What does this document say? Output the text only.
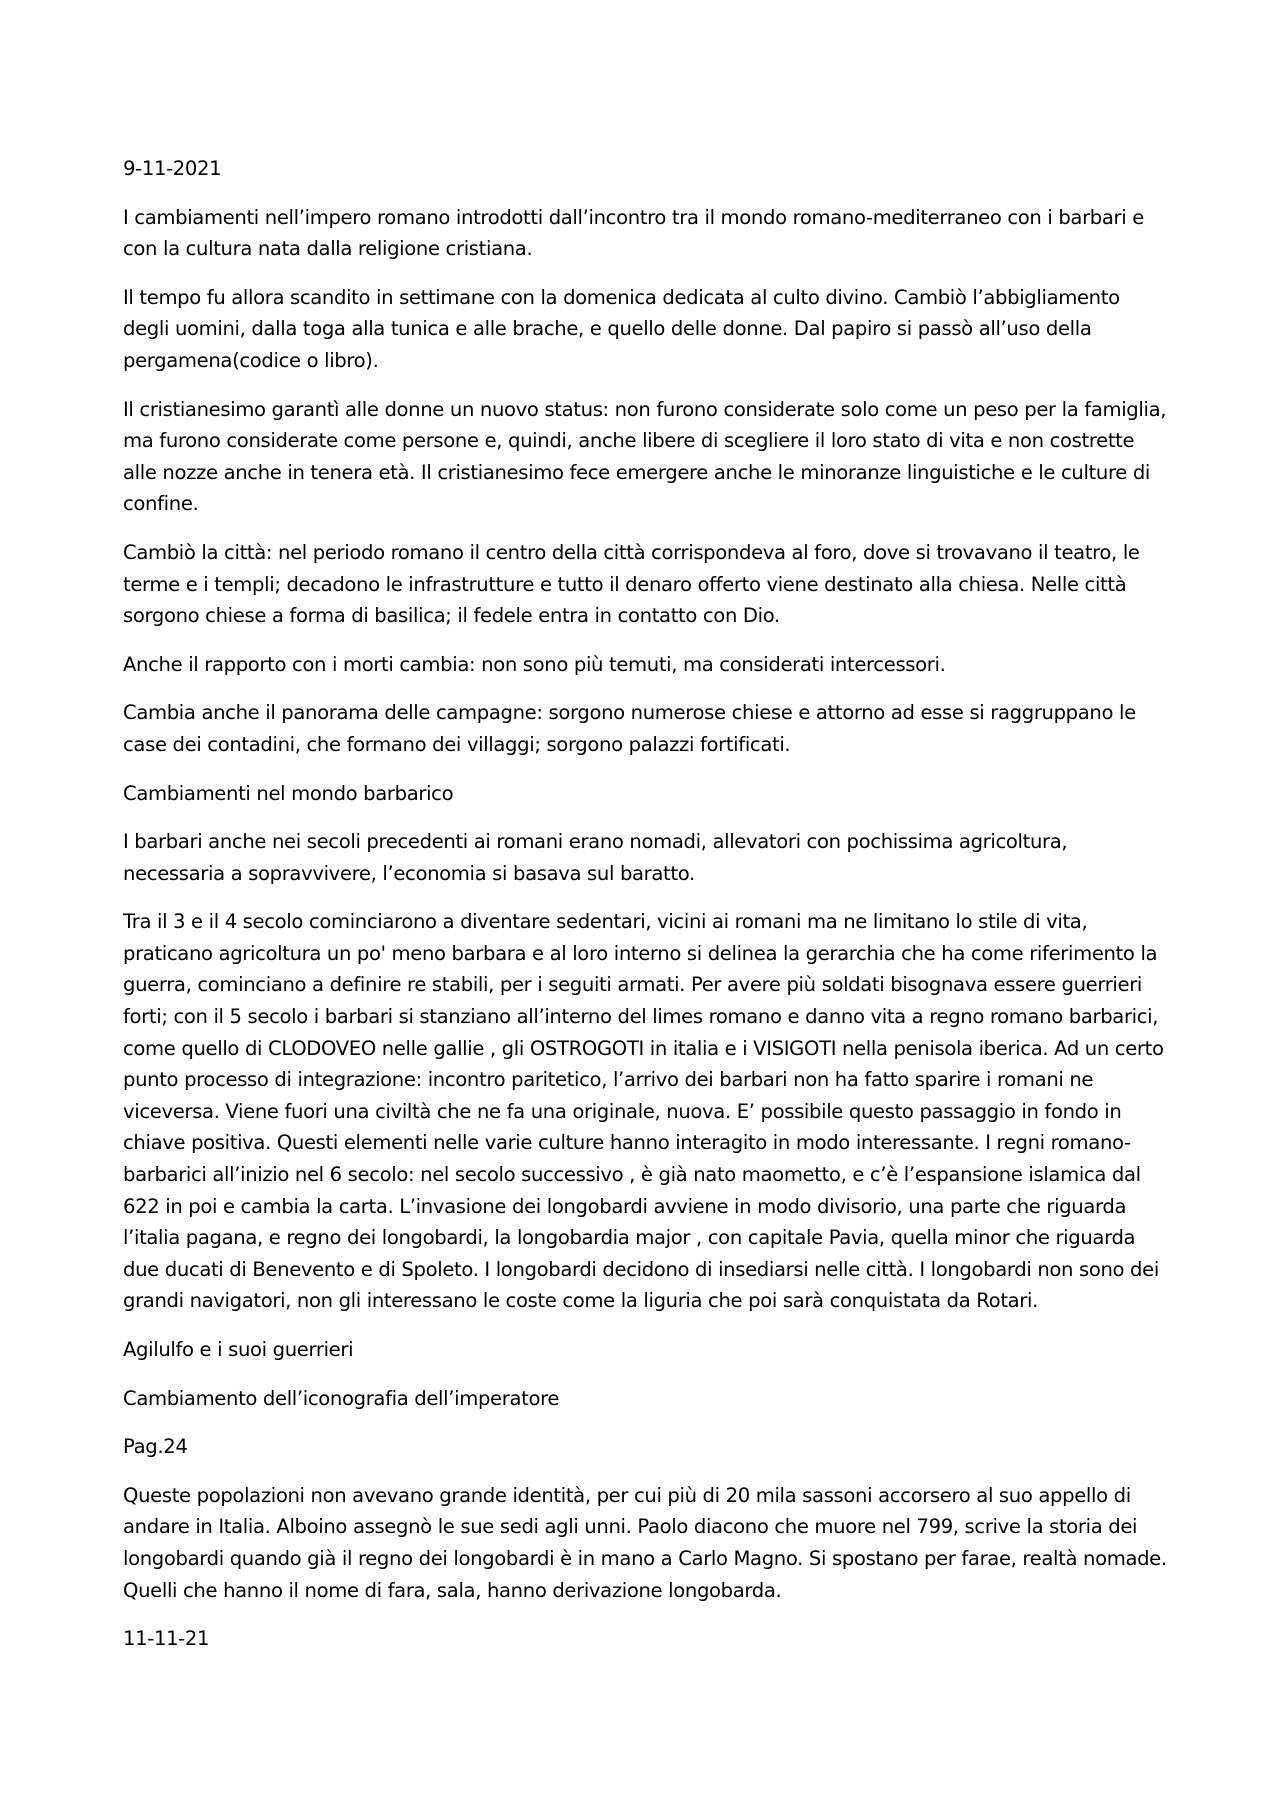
9-11-2021

I cambiamenti nell’impero romano introdotti dall’incontro tra il mondo romano-mediterraneo con i barbari e con la cultura nata dalla religione cristiana.

Il tempo fu allora scandito in settimane con la domenica dedicata al culto divino. Cambiò l’abbigliamento degli uomini, dalla toga alla tunica e alle brache, e quello delle donne. Dal papiro si passò all’uso della pergamena(codice o libro).

Il cristianesimo garantì alle donne un nuovo status: non furono considerate solo come un peso per la famiglia, ma furono considerate come persone e, quindi, anche libere di scegliere il loro stato di vita e non costrette alle nozze anche in tenera età. Il cristianesimo fece emergere anche le minoranze linguistiche e le culture di confine.

Cambiò la città: nel periodo romano il centro della città corrispondeva al foro, dove si trovavano il teatro, le terme e i templi; decadono le infrastrutture e tutto il denaro offerto viene destinato alla chiesa. Nelle città sorgono chiese a forma di basilica; il fedele entra in contatto con Dio.

Anche il rapporto con i morti cambia: non sono più temuti, ma considerati intercessori.

Cambia anche il panorama delle campagne: sorgono numerose chiese e attorno ad esse si raggruppano le case dei contadini, che formano dei villaggi; sorgono palazzi fortificati.

Cambiamenti nel mondo barbarico

I barbari anche nei secoli precedenti ai romani erano nomadi, allevatori con pochissima agricoltura, necessaria a sopravvivere, l’economia si basava sul baratto.

Tra il 3 e il 4 secolo cominciarono a diventare sedentari, vicini ai romani ma ne limitano lo stile di vita, praticano agricoltura un po' meno barbara e al loro interno si delinea la gerarchia che ha come riferimento la guerra, cominciano a definire re stabili, per i seguiti armati. Per avere più soldati bisognava essere guerrieri forti; con il 5 secolo i barbari si stanziano all’interno del limes romano e danno vita a regno romano barbarici, come quello di CLODOVEO nelle gallie , gli OSTROGOTI in italia e i VISIGOTI nella penisola iberica. Ad un certo punto processo di integrazione: incontro paritetico, l’arrivo dei barbari non ha fatto sparire i romani ne viceversa. Viene fuori una civiltà che ne fa una originale, nuova. E’ possibile questo passaggio in fondo in chiave positiva. Questi elementi nelle varie culture hanno interagito in modo interessante. I regni romano-barbarici all’inizio nel 6 secolo: nel secolo successivo , è già nato maometto, e c’è l’espansione islamica dal 622 in poi e cambia la carta. L’invasione dei longobardi avviene in modo divisorio, una parte che riguarda l’italia pagana, e regno dei longobardi, la longobardia major , con capitale Pavia, quella minor che riguarda due ducati di Benevento e di Spoleto. I longobardi decidono di insediarsi nelle città. I longobardi non sono dei grandi navigatori, non gli interessano le coste come la liguria che poi sarà conquistata da Rotari.

Agilulfo e i suoi guerrieri

Cambiamento dell’iconografia dell’imperatore

Pag.24

Queste popolazioni non avevano grande identità, per cui più di 20 mila sassoni accorsero al suo appello di andare in Italia. Alboino assegnò le sue sedi agli unni. Paolo diacono che muore nel 799, scrive la storia dei longobardi quando già il regno dei longobardi è in mano a Carlo Magno. Si spostano per farae, realtà nomade. Quelli che hanno il nome di fara, sala, hanno derivazione longobarda.

11-11-21
